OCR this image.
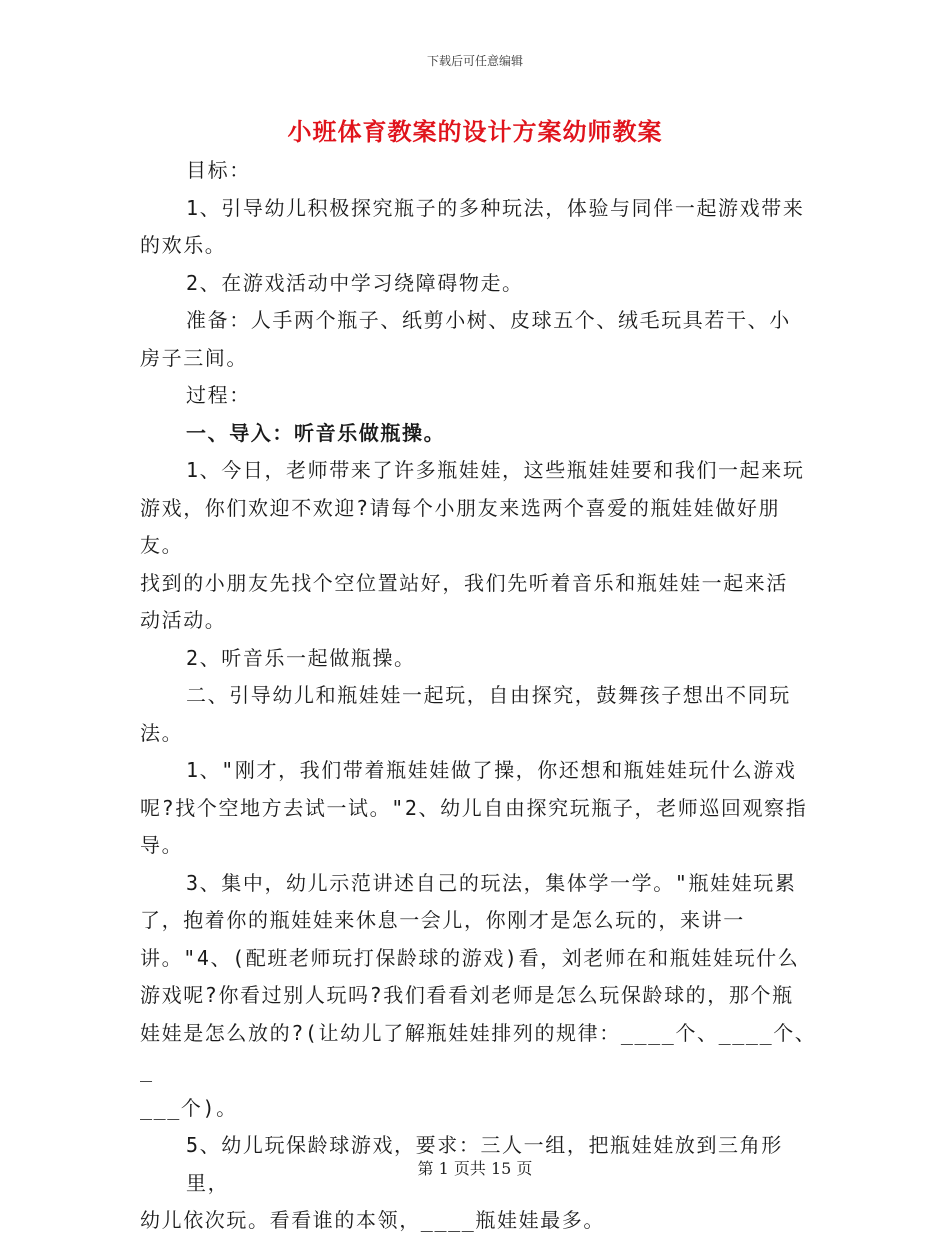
下载后可任意编辑
小班体育教案的设计方案幼师教案

目标：

1、引导幼儿积极探究瓶子的多种玩法，体验与同伴一起游戏带来

的欢乐。

2、在游戏活动中学习绕障碍物走。

准备：人手两个瓶子、纸剪小树、皮球五个、绒毛玩具若干、小

房子三间。

过程：

一、导入：听音乐做瓶操。

1、今日，老师带来了许多瓶娃娃，这些瓶娃娃要和我们一起来玩

游戏，你们欢迎不欢迎?请每个小朋友来选两个喜爱的瓶娃娃做好朋友。

找到的小朋友先找个空位置站好，我们先听着音乐和瓶娃娃一起来活

动活动。

2、听音乐一起做瓶操。

二、引导幼儿和瓶娃娃一起玩，自由探究，鼓舞孩子想出不同玩

法。

1、"刚才，我们带着瓶娃娃做了操，你还想和瓶娃娃玩什么游戏

呢?找个空地方去试一试。"2、幼儿自由探究玩瓶子，老师巡回观察指

导。

3、集中，幼儿示范讲述自己的玩法，集体学一学。"瓶娃娃玩累

了，抱着你的瓶娃娃来休息一会儿，你刚才是怎么玩的，来讲一

讲。"4、(配班老师玩打保龄球的游戏)看，刘老师在和瓶娃娃玩什么

游戏呢?你看过别人玩吗?我们看看刘老师是怎么玩保龄球的，那个瓶

娃娃是怎么放的?(让幼儿了解瓶娃娃排列的规律：____个、____个、_

___个)。

5、幼儿玩保龄球游戏，要求：三人一组，把瓶娃娃放到三角形里，

幼儿依次玩。看看谁的本领，____瓶娃娃最多。

第 1 页共 15 页
